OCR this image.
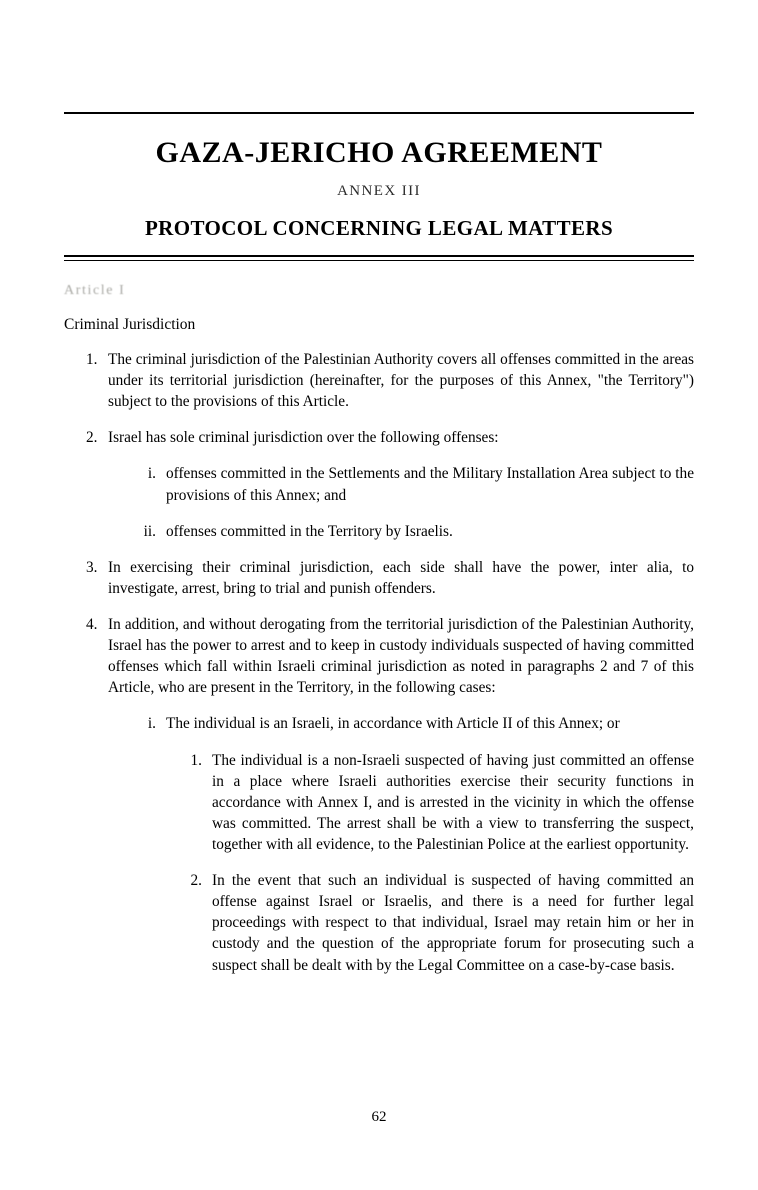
GAZA-JERICHO AGREEMENT
ANNEX III
PROTOCOL CONCERNING LEGAL MATTERS
Article I
Criminal Jurisdiction
1. The criminal jurisdiction of the Palestinian Authority covers all offenses committed in the areas under its territorial jurisdiction (hereinafter, for the purposes of this Annex, "the Territory") subject to the provisions of this Article.
2. Israel has sole criminal jurisdiction over the following offenses:
i. offenses committed in the Settlements and the Military Installation Area subject to the provisions of this Annex; and
ii. offenses committed in the Territory by Israelis.
3. In exercising their criminal jurisdiction, each side shall have the power, inter alia, to investigate, arrest, bring to trial and punish offenders.
4. In addition, and without derogating from the territorial jurisdiction of the Palestinian Authority, Israel has the power to arrest and to keep in custody individuals suspected of having committed offenses which fall within Israeli criminal jurisdiction as noted in paragraphs 2 and 7 of this Article, who are present in the Territory, in the following cases:
i. The individual is an Israeli, in accordance with Article II of this Annex; or
1. The individual is a non-Israeli suspected of having just committed an offense in a place where Israeli authorities exercise their security functions in accordance with Annex I, and is arrested in the vicinity in which the offense was committed. The arrest shall be with a view to transferring the suspect, together with all evidence, to the Palestinian Police at the earliest opportunity.
2. In the event that such an individual is suspected of having committed an offense against Israel or Israelis, and there is a need for further legal proceedings with respect to that individual, Israel may retain him or her in custody and the question of the appropriate forum for prosecuting such a suspect shall be dealt with by the Legal Committee on a case-by-case basis.
62
